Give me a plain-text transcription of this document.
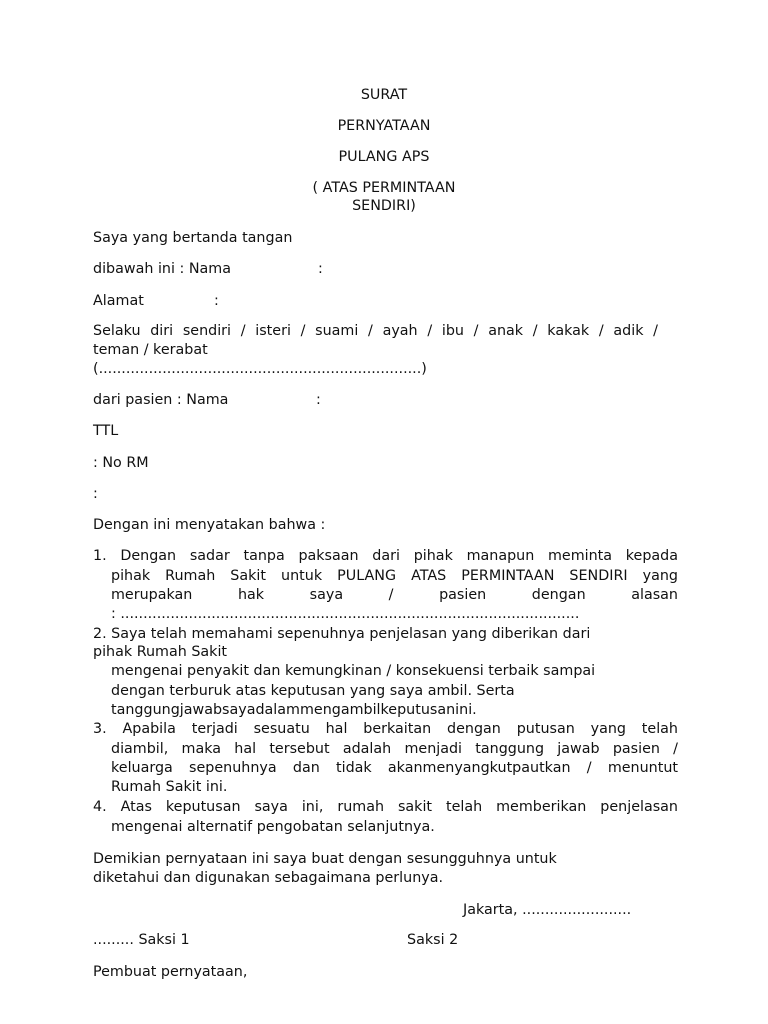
SURAT
PERNYATAAN
PULANG APS
( ATAS PERMINTAAN
SENDIRI)
Saya yang bertanda tangan
dibawah ini : Nama	:
Alamat	:
Selaku diri sendiri / isteri / suami / ayah / ibu / anak / kakak / adik /
teman / kerabat
(.......................................................................)
dari pasien : Nama	:
TTL
: No RM
:
Dengan ini menyatakan bahwa :
1. Dengan sadar tanpa paksaan dari pihak manapun meminta kepada
pihak Rumah Sakit untuk PULANG ATAS PERMINTAAN SENDIRI yang
merupakan hak saya / pasien dengan alasan
: .....................................................................................................
2. Saya telah memahami sepenuhnya penjelasan yang diberikan dari
pihak Rumah Sakit
mengenai penyakit dan kemungkinan / konsekuensi terbaik sampai
dengan terburuk atas keputusan yang saya ambil. Serta
tanggungjawabsayadalammengambilkeputusanini.
3. Apabila terjadi sesuatu hal berkaitan dengan putusan yang telah
diambil, maka hal tersebut adalah menjadi tanggung jawab pasien /
keluarga sepenuhnya dan tidak akanmenyangkutpautkan / menuntut
Rumah Sakit ini.
4. Atas keputusan saya ini, rumah sakit telah memberikan penjelasan
mengenai alternatif pengobatan selanjutnya.
Demikian pernyataan ini saya buat dengan sesungguhnya untuk
diketahui dan digunakan sebagaimana perlunya.
Jakarta, ........................
......... Saksi 1	Saksi 2
Pembuat pernyataan,
